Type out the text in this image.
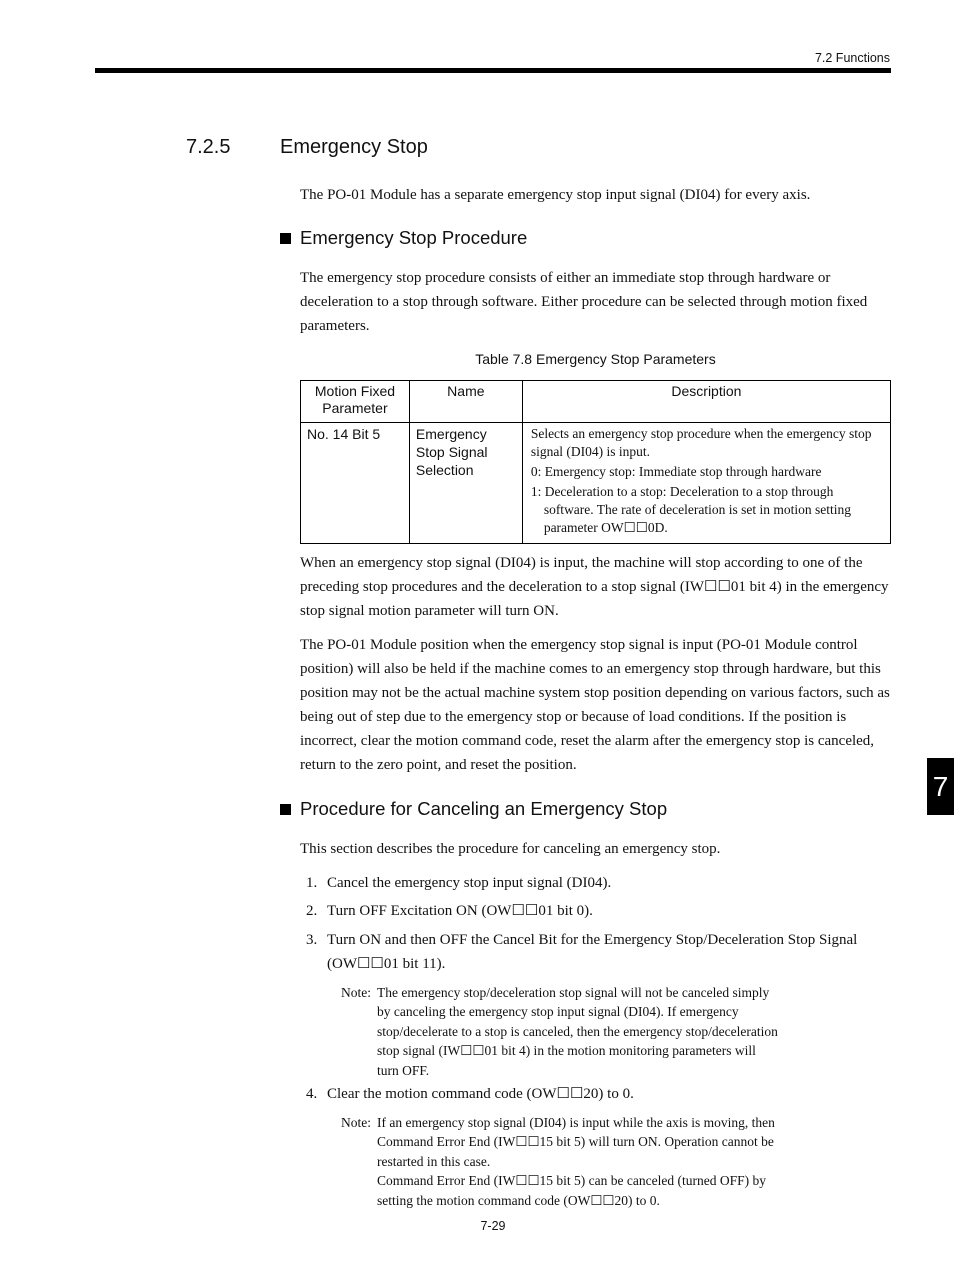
7.2 Functions
7.2.5 Emergency Stop
The PO-01 Module has a separate emergency stop input signal (DI04) for every axis.
Emergency Stop Procedure
The emergency stop procedure consists of either an immediate stop through hardware or deceleration to a stop through software. Either procedure can be selected through motion fixed parameters.
Table 7.8 Emergency Stop Parameters
Motion Fixed Parameter	Name	Description
No. 14 Bit 5	Emergency Stop Signal Selection	Selects an emergency stop procedure when the emergency stop signal (DI04) is input.
0: Emergency stop: Immediate stop through hardware
1: Deceleration to a stop: Deceleration to a stop through software. The rate of deceleration is set in motion setting parameter OW☐☐0D.
When an emergency stop signal (DI04) is input, the machine will stop according to one of the preceding stop procedures and the deceleration to a stop signal (IW☐☐01 bit 4) in the emergency stop signal motion parameter will turn ON.
The PO-01 Module position when the emergency stop signal is input (PO-01 Module control position) will also be held if the machine comes to an emergency stop through hardware, but this position may not be the actual machine system stop position depending on various factors, such as being out of step due to the emergency stop or because of load conditions. If the position is incorrect, clear the motion command code, reset the alarm after the emergency stop is canceled, return to the zero point, and reset the position.
Procedure for Canceling an Emergency Stop
This section describes the procedure for canceling an emergency stop.
1. Cancel the emergency stop input signal (DI04).
2. Turn OFF Excitation ON (OW☐☐01 bit 0).
3. Turn ON and then OFF the Cancel Bit for the Emergency Stop/Deceleration Stop Signal (OW☐☐01 bit 11).
Note: The emergency stop/deceleration stop signal will not be canceled simply by canceling the emergency stop input signal (DI04). If emergency stop/decelerate to a stop is canceled, then the emergency stop/deceleration stop signal (IW☐☐01 bit 4) in the motion monitoring parameters will turn OFF.
4. Clear the motion command code (OW☐☐20) to 0.
Note: If an emergency stop signal (DI04) is input while the axis is moving, then Command Error End (IW☐☐15 bit 5) will turn ON. Operation cannot be restarted in this case.
Command Error End (IW☐☐15 bit 5) can be canceled (turned OFF) by setting the motion command code (OW☐☐20) to 0.
7
7-29
